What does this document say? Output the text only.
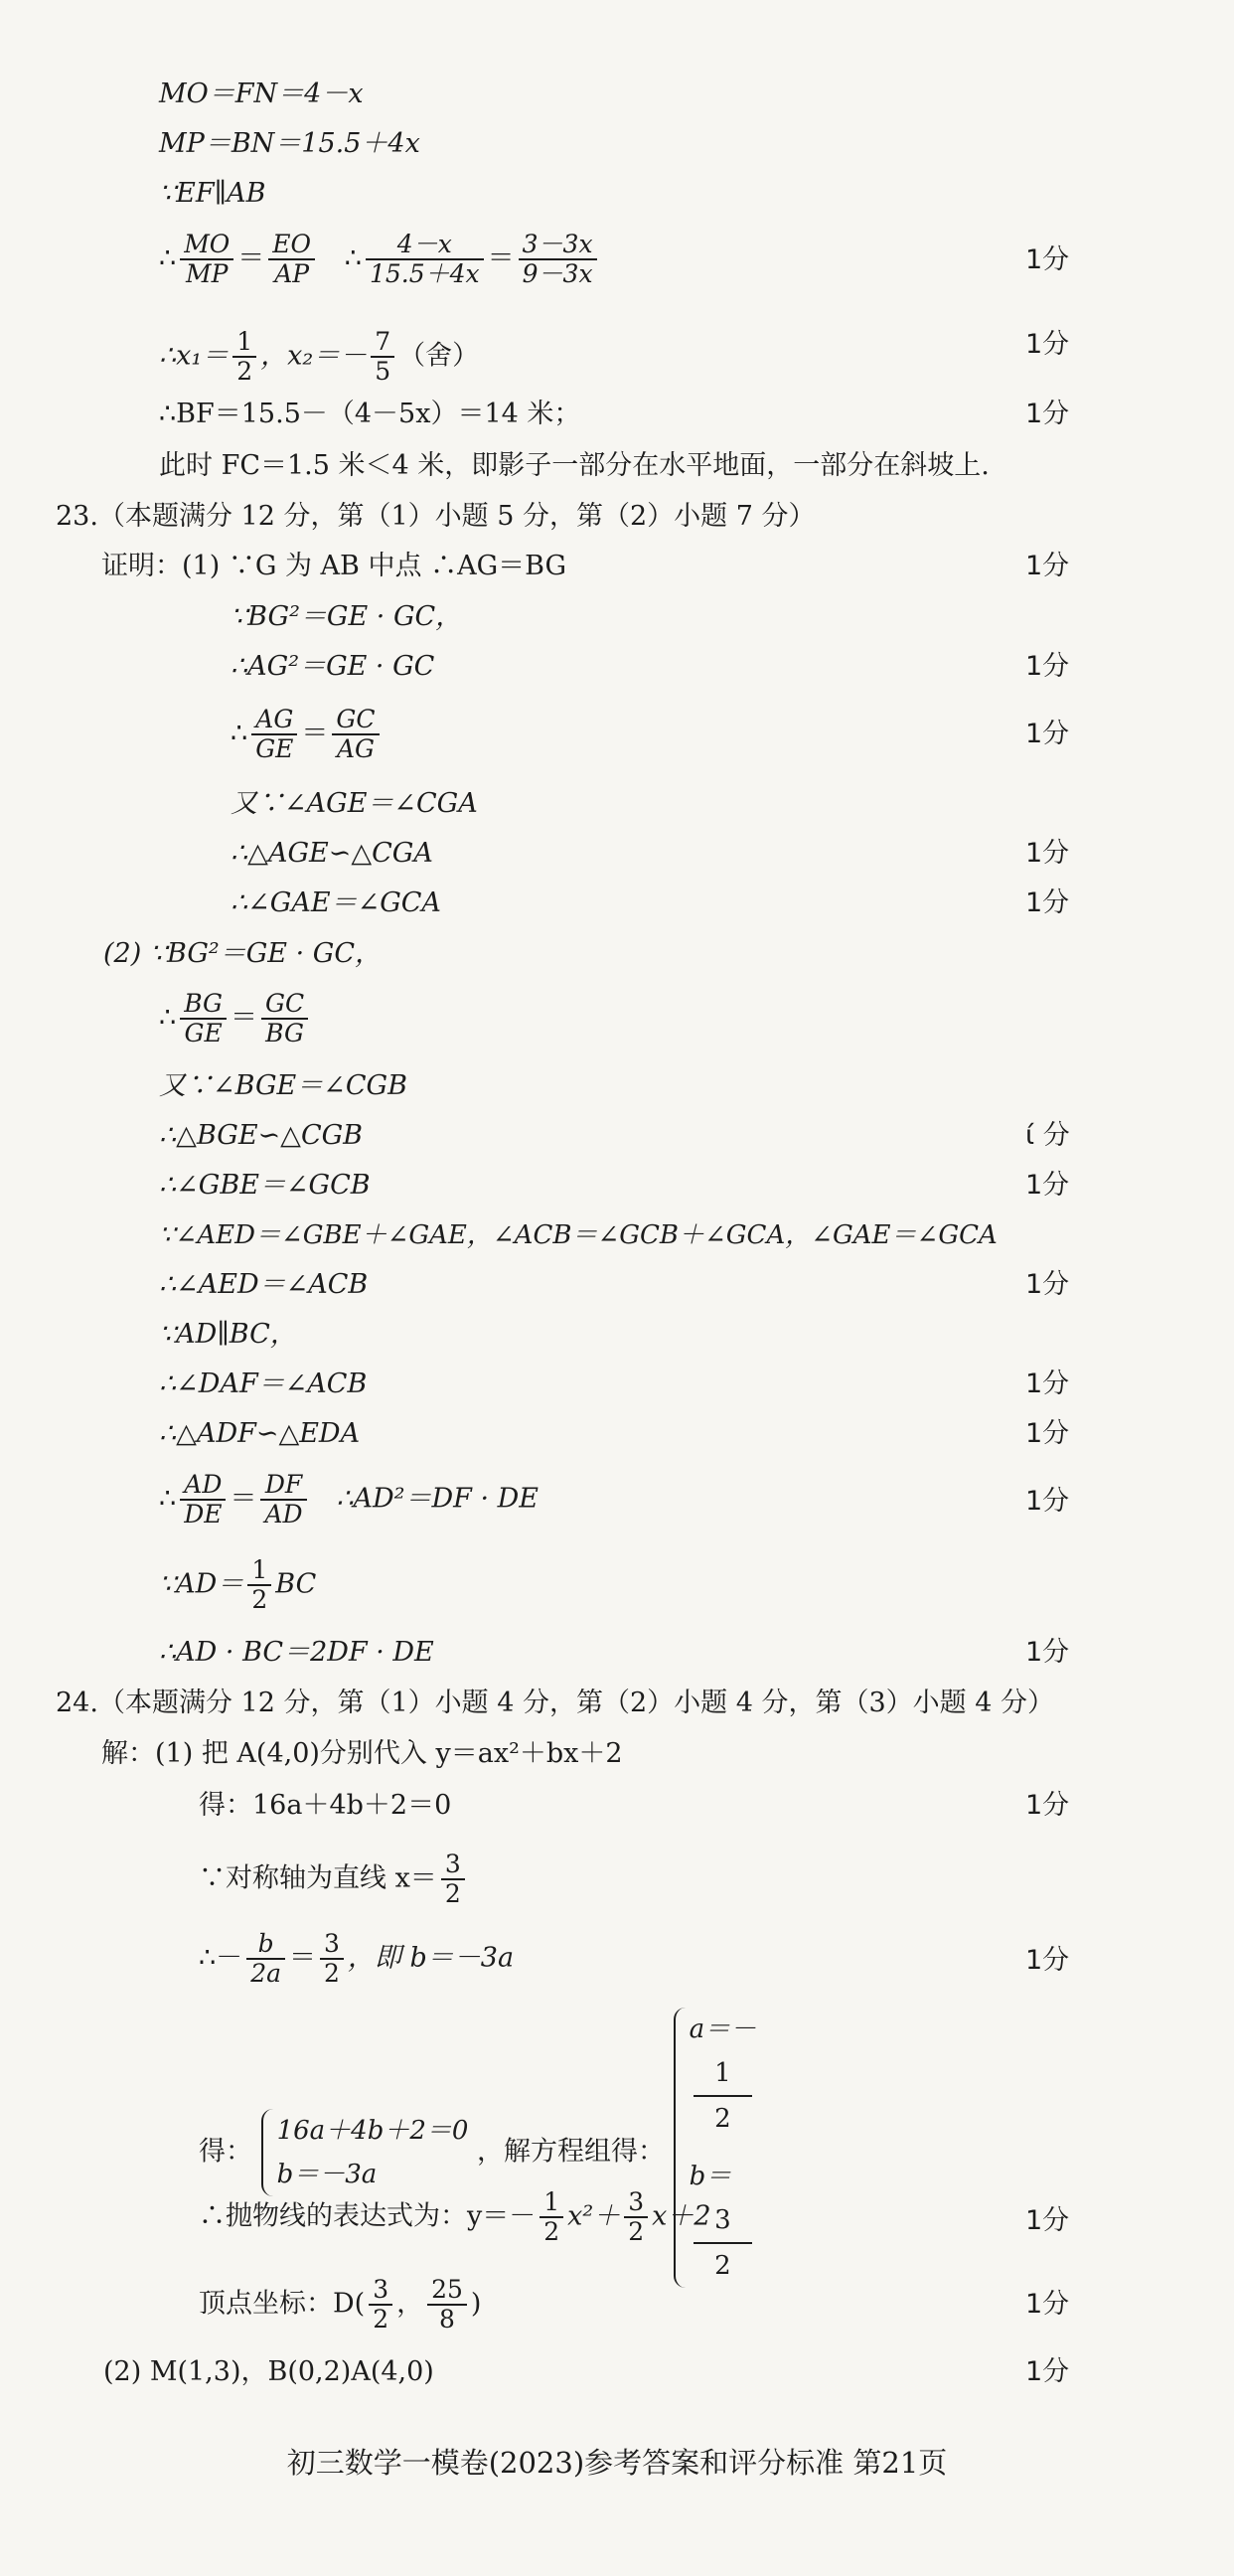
MO＝FN＝4－x
MP＝BN＝15.5＋4x
∵EF∥AB
∴ $\frac{MO}{MP} = \frac{EO}{AP}$ ∴ $\frac{4-x}{15.5+4x} = \frac{3-3x}{9-3x}$	1分
∴x₁＝ $\frac{1}{2}$ ，$x_2=- \frac{7}{5}$ （舍）	1分
∴BF＝15.5－（4－5x）＝14 米；	1分
此时 FC＝1.5 米＜4 米，即影子一部分在水平地面，一部分在斜坡上.
23.（本题满分 12 分，第（1）小题 5 分，第（2）小题 7 分）
证明：(1) ∵G 为 AB 中点 ∴AG＝BG	1分
∵BG²＝GE · GC，
∴AG²＝GE · GC	1分
∴ $\frac{AG}{GE} = \frac{GC}{AG}$	1分
又∵∠AGE＝∠CGA
∴△AGE∽△CGA	1分
∴∠GAE＝∠GCA	1分
(2) ∵BG²＝GE · GC，
∴ $\frac{BG}{GE} = \frac{GC}{BG}$
又∵∠BGE＝∠CGB
∴△BGE∽△CGB	ί 分
∴∠GBE＝∠GCB	1分
∵∠AED＝∠GBE＋∠GAE，∠ACB＝∠GCB＋∠GCA，∠GAE＝∠GCA
∴∠AED＝∠ACB	1分
∵AD∥BC，
∴∠DAF＝∠ACB	1分
∴△ADF∽△EDA	1分
∴ $\frac{AD}{DE} = \frac{DF}{AD}$ ∴AD²＝DF · DE	1分
∵AD＝ $\frac{1}{2}$ BC
∴AD · BC＝2DF · DE	1分
24.（本题满分 12 分，第（1）小题 4 分，第（2）小题 4 分，第（3）小题 4 分）
解：(1) 把 A(4,0)分别代入 y＝ax²＋bx＋2
得：16a＋4b＋2＝0	1分
∵对称轴为直线 $x= \frac{3}{2}$
∴－ $\frac{b}{2a} = \frac{3}{2}$ ，即 b＝－3a	1分
得：
16a＋4b＋2＝0
b＝－3a
，解方程组得：
a＝－
1
2
b＝
3
2
∴抛物线的表达式为：$y=- \frac{1}{2} x^2+ \frac{3}{2} x+2$	1分
顶点坐标：$D( \frac{3}{2}$ ， $\frac{25}{8}$ )	1分
(2) M(1,3)，B(0,2)A(4,0)	1分
初三数学一模卷(2023)参考答案和评分标准 第21页
